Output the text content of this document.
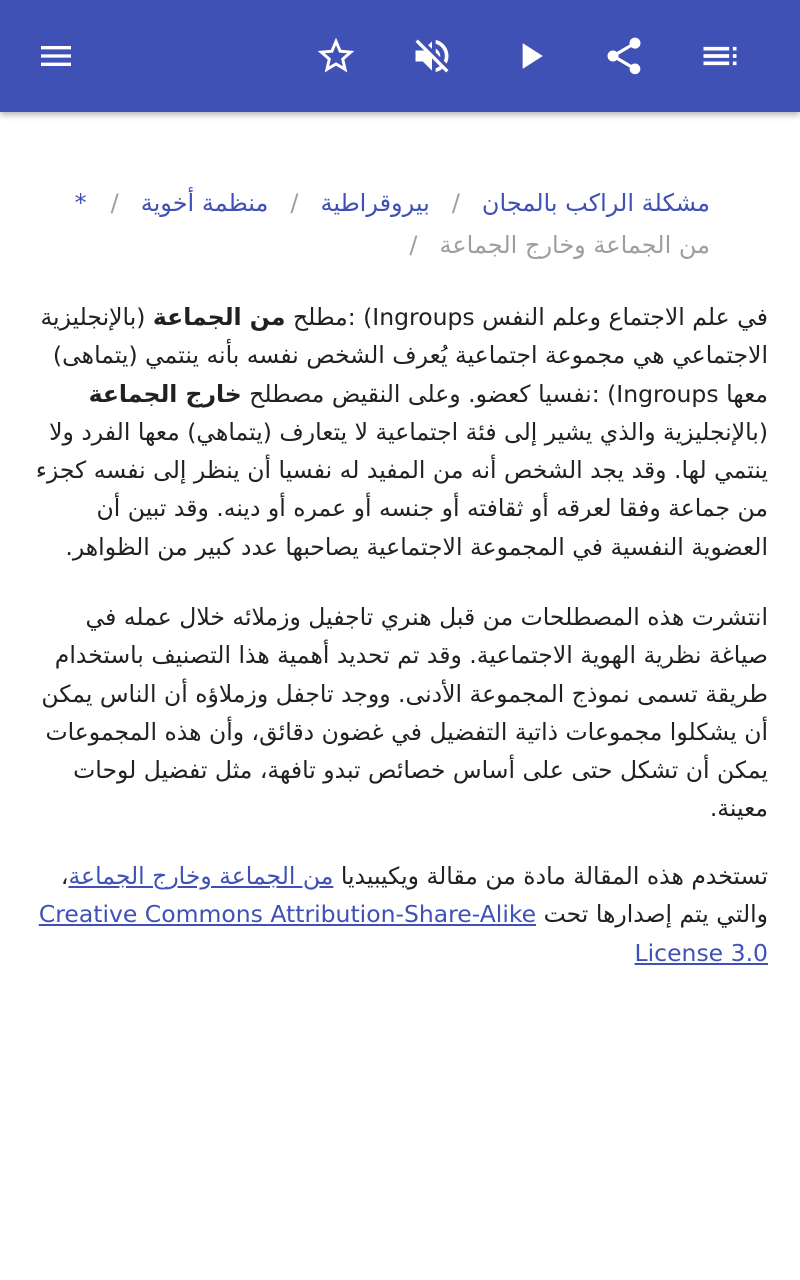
مشكلة الراكب بالمجان/بيروقراطية/منظمة أخوية/*
من الجماعة وخارج الجماعة/
في علم الاجتماع وعلم النفس (Ingroups :مطلح من الجماعة (بالإنجليزية الاجتماعي هي مجموعة اجتماعية يُعرف الشخص نفسه بأنه ينتمي (يتماهى) معها (Ingroups :نفسيا كعضو. وعلى النقيض مصطلح خارج الجماعة (بالإنجليزية والذي يشير إلى فئة اجتماعية لا يتعارف (يتماهي) معها الفرد ولا ينتمي لها. وقد يجد الشخص أنه من المفيد له نفسيا أن ينظر إلى نفسه كجزء من جماعة وفقا لعرقه أو ثقافته أو جنسه أو عمره أو دينه. وقد تبين أن العضوية النفسية في المجموعة الاجتماعية يصاحبها عدد كبير من الظواهر.
انتشرت هذه المصطلحات من قبل هنري تاجفيل وزملائه خلال عمله في صياغة نظرية الهوية الاجتماعية. وقد تم تحديد أهمية هذا التصنيف باستخدام طريقة تسمى نموذج المجموعة الأدنى. ووجد تاجفل وزملاؤه أن الناس يمكن أن يشكلوا مجموعات ذاتية التفضيل في غضون دقائق، وأن هذه المجموعات يمكن أن تشكل حتى على أساس خصائص تبدو تافهة، مثل تفضيل لوحات معينة.
تستخدم هذه المقالة مادة من مقالة ويكيبيديا من الجماعة وخارج الجماعة، والتي يتم إصدارها تحت Creative Commons Attribution-Share-Alike License 3.0
